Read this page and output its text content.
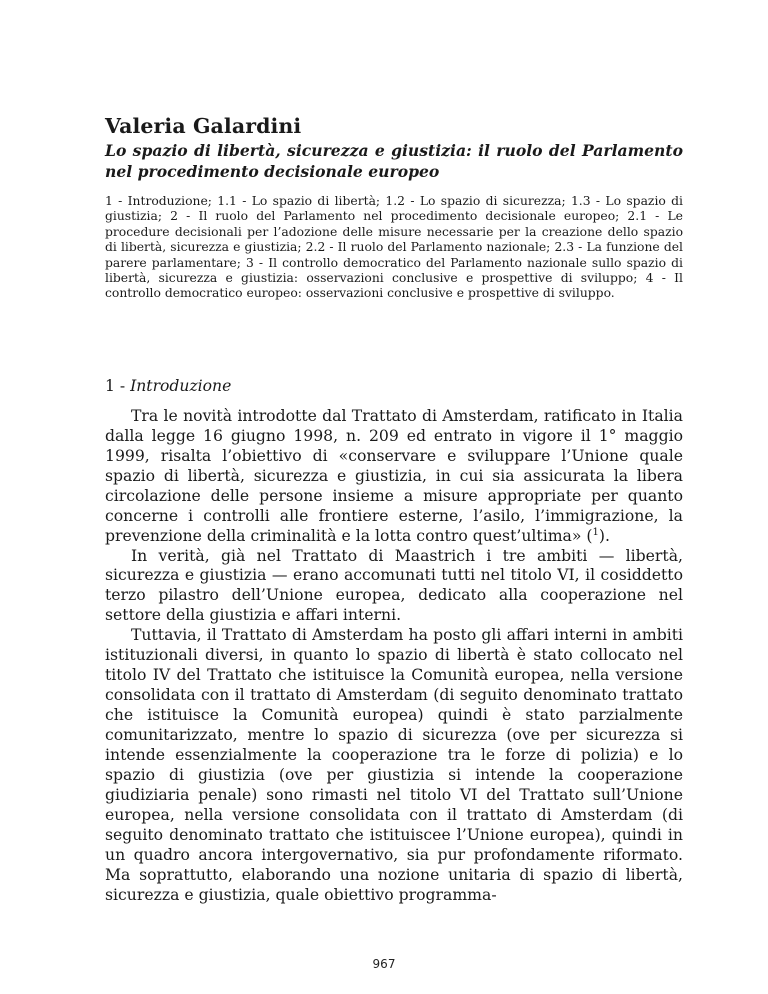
Valeria Galardini
Lo spazio di libertà, sicurezza e giustizia: il ruolo del Parlamento nel procedimento decisionale europeo

1 - Introduzione; 1.1 - Lo spazio di libertà; 1.2 - Lo spazio di sicurezza; 1.3 - Lo spazio di giustizia; 2 - Il ruolo del Parlamento nel procedimento decisionale europeo; 2.1 - Le procedure decisionali per l’adozione delle misure necessarie per la creazione dello spazio di libertà, sicurezza e giustizia; 2.2 - Il ruolo del Parlamento nazionale; 2.3 - La funzione del parere parlamentare; 3 - Il controllo democratico del Parlamento nazionale sullo spazio di libertà, sicurezza e giustizia: osservazioni conclusive e prospettive di sviluppo; 4 - Il controllo democratico europeo: osservazioni conclusive e prospettive di sviluppo.

1 - Introduzione

Tra le novità introdotte dal Trattato di Amsterdam, ratificato in Italia dalla legge 16 giugno 1998, n. 209 ed entrato in vigore il 1° maggio 1999, risalta l’obiettivo di «conservare e sviluppare l’Unione quale spazio di libertà, sicurezza e giustizia, in cui sia assicurata la libera circolazione delle persone insieme a misure appropriate per quanto concerne i controlli alle frontiere esterne, l’asilo, l’immigrazione, la prevenzione della criminalità e la lotta contro quest’ultima» ($^1$).

In verità, già nel Trattato di Maastrich i tre ambiti — libertà, sicurezza e giustizia — erano accomunati tutti nel titolo VI, il cosiddetto terzo pilastro dell’Unione europea, dedicato alla cooperazione nel settore della giustizia e affari interni.

Tuttavia, il Trattato di Amsterdam ha posto gli affari interni in ambiti istituzionali diversi, in quanto lo spazio di libertà è stato collocato nel titolo IV del Trattato che istituisce la Comunità europea, nella versione consolidata con il trattato di Amsterdam (di seguito denominato trattato che istituisce la Comunità europea) quindi è stato parzialmente comunitarizzato, mentre lo spazio di sicurezza (ove per sicurezza si intende essenzialmente la cooperazione tra le forze di polizia) e lo spazio di giustizia (ove per giustizia si intende la cooperazione giudiziaria penale) sono rimasti nel titolo VI del Trattato sull’Unione europea, nella versione consolidata con il trattato di Amsterdam (di seguito denominato trattato che istituiscee l’Unione europea), quindi in un quadro ancora intergovernativo, sia pur profondamente riformato. Ma soprattutto, elaborando una nozione unitaria di spazio di libertà, sicurezza e giustizia, quale obiettivo programma-

967
